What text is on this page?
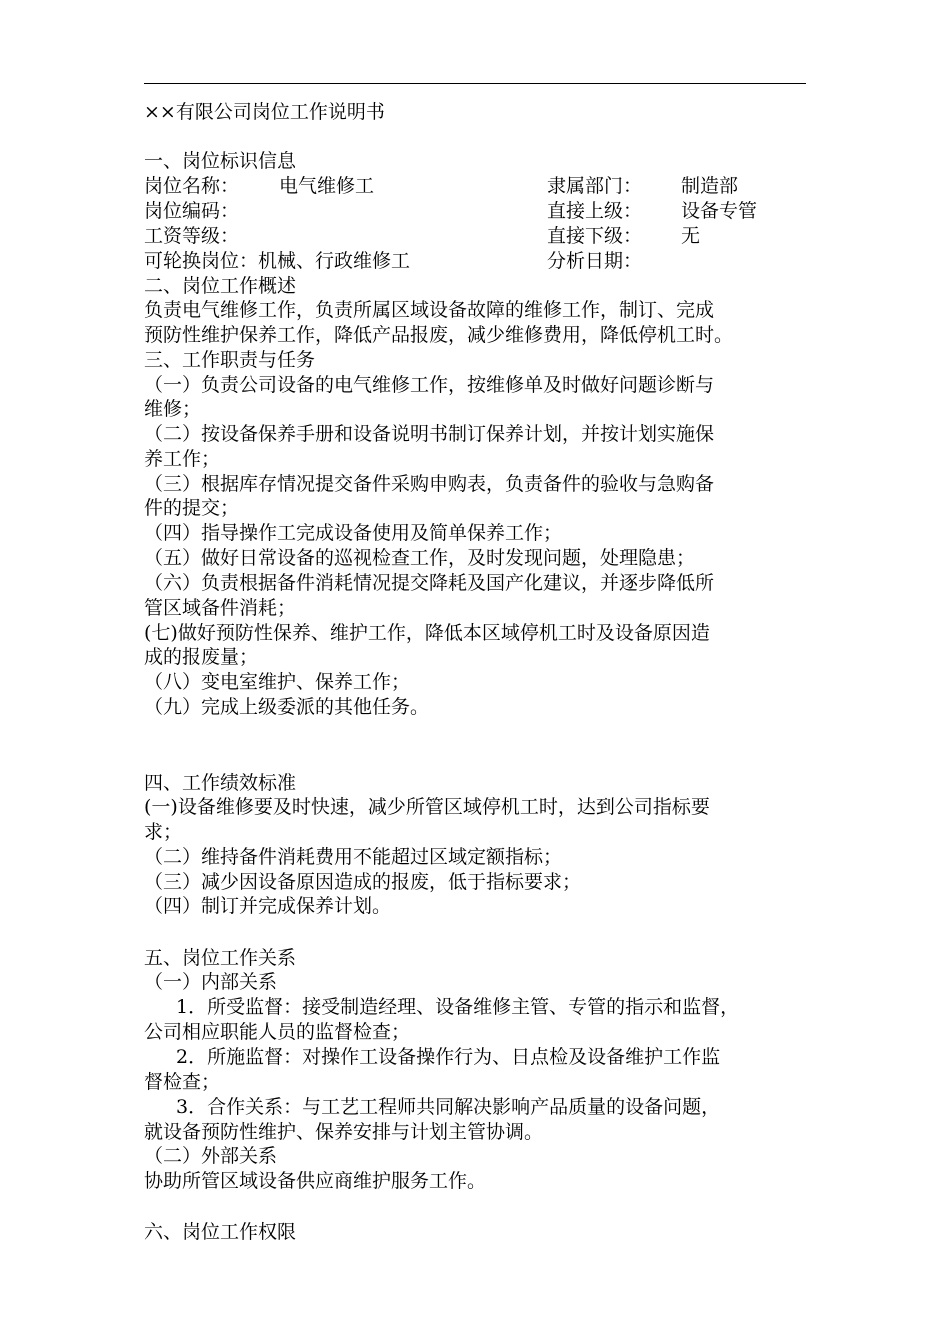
××有限公司岗位工作说明书
一、岗位标识信息
岗位名称： 电气维修工	隶属部门： 制造部
岗位编码：	直接上级： 设备专管
工资等级：	直接下级： 无
可轮换岗位：机械、行政维修工	分析日期：
二、岗位工作概述
负责电气维修工作，负责所属区域设备故障的维修工作，制订、完成
预防性维护保养工作，降低产品报废，减少维修费用，降低停机工时。
三、工作职责与任务
（一）负责公司设备的电气维修工作，按维修单及时做好问题诊断与
维修；
（二）按设备保养手册和设备说明书制订保养计划，并按计划实施保
养工作；
（三）根据库存情况提交备件采购申购表，负责备件的验收与急购备
件的提交；
（四）指导操作工完成设备使用及简单保养工作；
（五）做好日常设备的巡视检查工作，及时发现问题，处理隐患；
（六）负责根据备件消耗情况提交降耗及国产化建议，并逐步降低所
管区域备件消耗；
(七)做好预防性保养、维护工作，降低本区域停机工时及设备原因造
成的报废量；
（八）变电室维护、保养工作；
（九）完成上级委派的其他任务。
四、工作绩效标准
(一)设备维修要及时快速，减少所管区域停机工时，达到公司指标要
求；
（二）维持备件消耗费用不能超过区域定额指标；
（三）减少因设备原因造成的报废，低于指标要求；
（四）制订并完成保养计划。
五、岗位工作关系
（一）内部关系
1．所受监督：接受制造经理、设备维修主管、专管的指示和监督，
公司相应职能人员的监督检查；
2．所施监督：对操作工设备操作行为、日点检及设备维护工作监
督检查；
3．合作关系：与工艺工程师共同解决影响产品质量的设备问题，
就设备预防性维护、保养安排与计划主管协调。
（二）外部关系
协助所管区域设备供应商维护服务工作。
六、岗位工作权限
